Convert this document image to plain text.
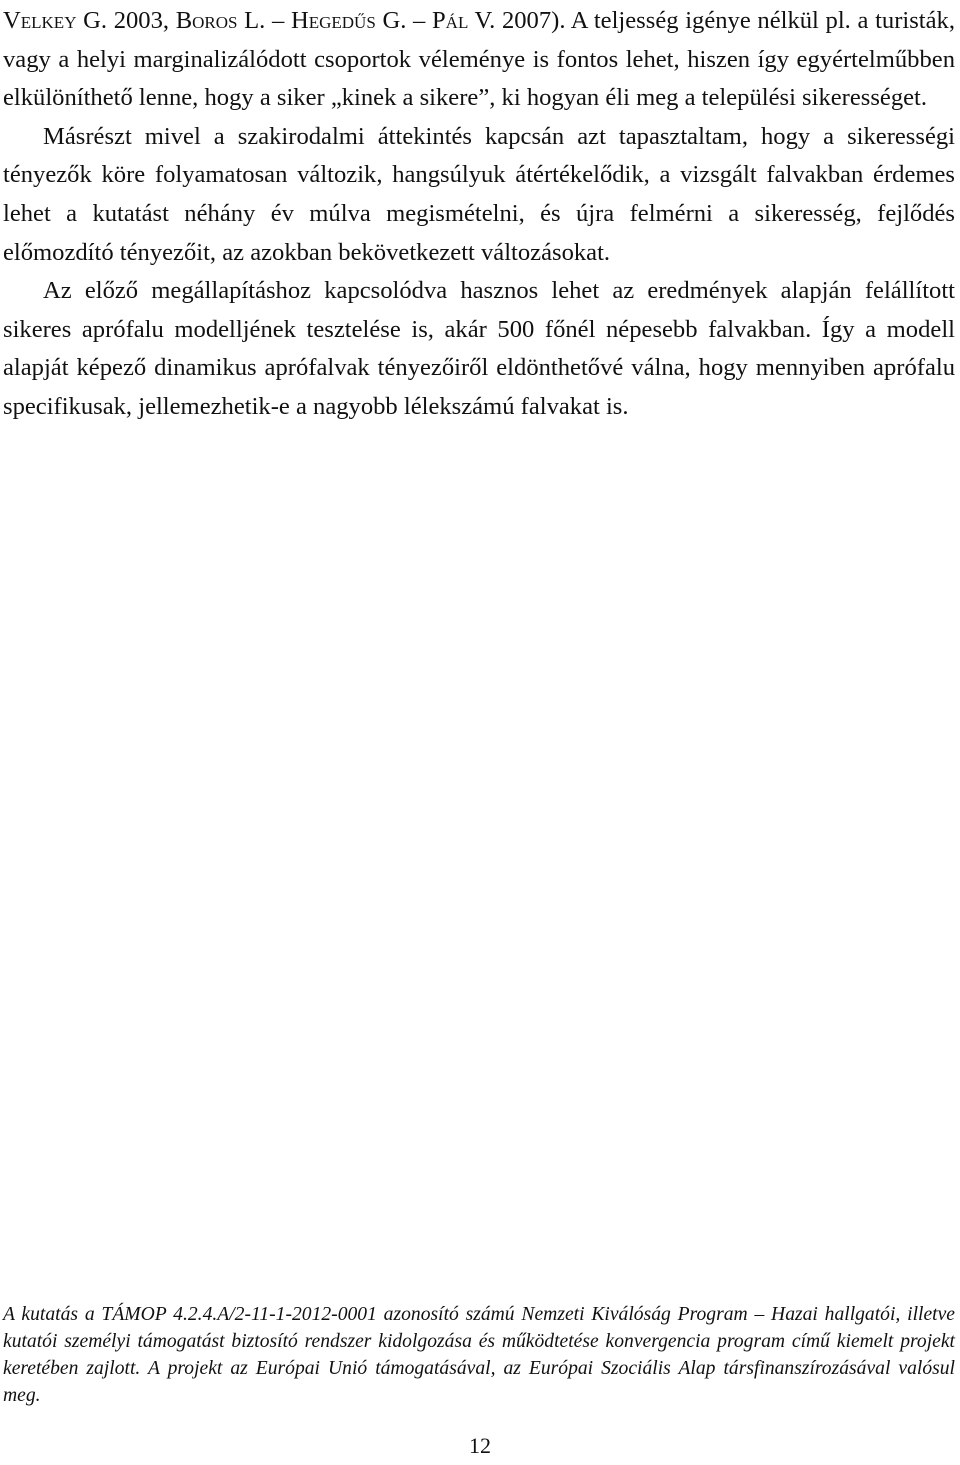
Velkey G. 2003, Boros L. – Hegedűs G. – Pál V. 2007). A teljesség igénye nélkül pl. a turisták, vagy a helyi marginalizálódott csoportok véleménye is fontos lehet, hiszen így egyértelműbben elkülöníthető lenne, hogy a siker „kinek a sikere”, ki hogyan éli meg a települési sikerességet.

Másrészt mivel a szakirodalmi áttekintés kapcsán azt tapasztaltam, hogy a sikerességi tényezők köre folyamatosan változik, hangsúlyuk átértékelődik, a vizsgált falvakban érdemes lehet a kutatást néhány év múlva megismételni, és újra felmérni a sikeresség, fejlődés előmozdító tényezőit, az azokban bekövetkezett változásokat.

Az előző megállapításhoz kapcsolódva hasznos lehet az eredmények alapján felállított sikeres aprófalu modelljének tesztelése is, akár 500 főnél népesebb falvakban. Így a modell alapját képező dinamikus aprófalvak tényezőiről eldönthetővé válna, hogy mennyiben aprófalu specifikusak, jellemezhetik-e a nagyobb lélekszámú falvakat is.

A kutatás a TÁMOP 4.2.4.A/2-11-1-2012-0001 azonosító számú Nemzeti Kiválóság Program – Hazai hallgatói, illetve kutatói személyi támogatást biztosító rendszer kidolgozása és működtetése konvergencia program című kiemelt projekt keretében zajlott. A projekt az Európai Unió támogatásával, az Európai Szociális Alap társfinanszírozásával valósul meg.

12
